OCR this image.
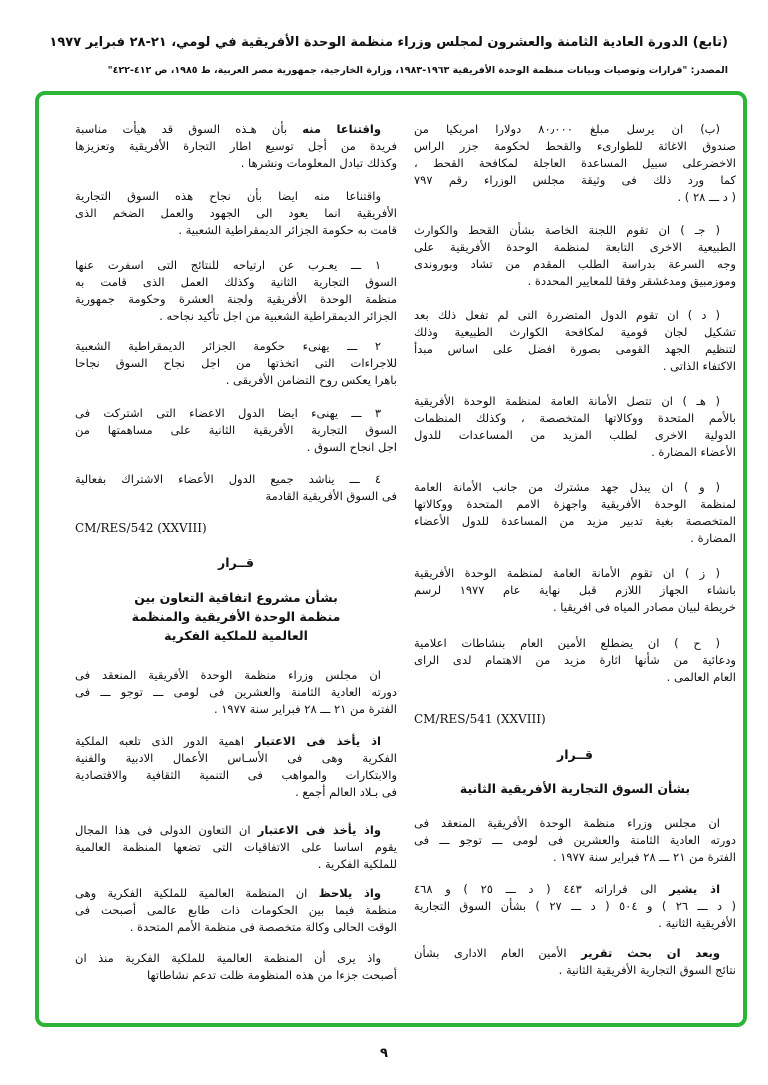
(تابع) الدورة العادية الثامنة والعشرون لمجلس وزراء منظمة الوحدة الأفريقية في لومي، ٢١-٢٨ فبراير ١٩٧٧
المصدر: "قرارات وتوصيات وبيانات منظمة الوحدة الأفريقية ١٩٦٣-١٩٨٣، وزارة الخارجية، جمهورية مصر العربية، ط ١٩٨٥، ص ٤١٢-٤٢٢"
(ب) ان يرسل مبلغ ٨٠٫٠٠٠ دولارا امريكيا من
صندوق الاغاثة للطوارىء والقحط لحكومة جزر الراس
الاخضرعلى سبيل المساعدة العاجلة لمكافحة القحط ،
كما ورد ذلك فى وثيقة مجلس الوزراء رقم ٧٩٧
( د ـــ ٢٨ ) .
( جـ ) ان تقوم اللجنة الخاصة بشأن القحط والكوارث
الطبيعية الاخرى التابعة لمنظمة الوحدة الأفريقية على
وجه السرعة بدراسة الطلب المقدم من تشاد وبوروندى
وموزمبيق ومدغشقر وفقا للمعايير المحددة .
( د ) ان تقوم الدول المتضررة التى لم تفعل ذلك بعد
تشكيل لجان قومية لمكافحة الكوارث الطبيعية وذلك
لتنظيم الجهد القومى بصورة افضل على اساس مبدأ
الاكتفاء الذاتى .
( هـ ) ان تتصل الأمانة العامة لمنظمة الوحدة الأفريقية
بالأمم المتحدة ووكالاتها المتخصصة ، وكذلك المنظمات
الدولية الاخرى لطلب المزيد من المساعدات للدول
الأعضاء المضارة .
( و ) ان يبذل جهد مشترك من جانب الأمانة العامة
لمنظمة الوحدة الأفريقية واجهزة الامم المتحدة ووكالاتها
المتخصصة بغية تدبير مزيد من المساعدة للدول الأعضاء
المضارة .
( ز ) ان تقوم الأمانة العامة لمنظمة الوحدة الأفريقية
بانشاء الجهاز اللازم قبل نهاية عام ١٩٧٧ لرسم
خريطة لبيان مصادر المياه فى افريقيا .
( ح ) ان يضطلع الأمين العام بنشاطات اعلامية
ودعائية من شأنها اثارة مزيد من الاهتمام لدى الراى
العام العالمى .
CM/RES/541 (XXVIII)
قــرار
بشأن السوق التجارية الأفريقية الثانية
ان مجلس وزراء منظمة الوحدة الأفريقية المنعقد فى
دورته العادية الثامنة والعشرين فى لومى ـــ توجو ـــ فى
الفترة من ٢١ ـــ ٢٨ فبراير سنة ١٩٧٧ .
اذ يشير الى قراراته ٤٤٣ ( د ـــ ٢٥ ) و ٤٦٨
( د ـــ ٢٦ ) و ٥٠٤ ( د ـــ ٢٧ ) بشأن السوق التجارية
الأفريقية الثانية .
وبعد ان بحث تقرير الأمين العام الادارى بشأن
نتائج السوق التجارية الأفريقية الثانية .
واقتناعا منه بأن هـذه السوق قد هيأت مناسبة
فريدة من أجل توسيع اطار التجارة الأفريقية وتعزيزها
وكذلك تبادل المعلومات ونشرها .
واقتناعا منه ايضا بأن نجاح هذه السوق التجارية
الأفريقية انما يعود الى الجهود والعمل الضخم الذى
قامت به حكومة الجزائر الديمقراطية الشعبية .
١ ـــ يعـرب عن ارتياحه للنتائج التى اسفرت عنها
السوق التجارية الثانية وكذلك العمل الذى قامت به
منظمة الوحدة الأفريقية ولجنة العشرة وحكومة جمهورية
الجزائر الديمقراطية الشعبية من اجل تأكيد نجاحه .
٢ ـــ يهنىء حكومة الجزائر الديمقراطية الشعبية
للاجراءات التى اتخذتها من اجل نجاح السوق نجاحا
باهرا يعكس روح التضامن الأفريقى .
٣ ـــ يهنىء ايضا الدول الاعضاء التى اشتركت فى
السوق التجارية الأفريقية الثانية على مساهمتها من
اجل انجاح السوق .
٤ ـــ يناشد جميع الدول الأعضاء الاشتراك بفعالية
فى السوق الأفريقية القادمة
CM/RES/542 (XXVIII)
قــرار
بشأن مشروع اتفاقية التعاون بين
منظمة الوحدة الأفريقية والمنظمة
العالمية للملكية الفكرية
ان مجلس وزراء منظمة الوحدة الأفريقية المنعقد فى
دورته العادية الثامنة والعشرين فى لومى ـــ توجو ـــ فى
الفترة من ٢١ ـــ ٢٨ فبراير سنة ١٩٧٧ .
اذ يأخذ فى الاعتبار اهمية الدور الذى تلعبه الملكية
الفكرية وهى فى الأسـاس الأعمال الادبية والفنية
والابتكارات والمواهب فى التنمية الثقافية والاقتصادية
فى بـلاد العالم أجمع .
واذ يأخذ فى الاعتبار ان التعاون الدولى فى هذا المجال
يقوم اساسا على الاتفاقيات التى تضعها المنظمة العالمية
للملكية الفكرية .
واذ يلاحظ ان المنظمة العالمية للملكية الفكرية وهى
منظمة فيما بين الحكومات ذات طابع عالمى أصبحت فى
الوقت الحالى وكالة متخصصة فى منظمة الأمم المتحدة .
واذ يرى أن المنظمة العالمية للملكية الفكرية منذ ان
أصبحت جزءا من هذه المنظومة ظلت تدعم نشاطاتها
٩
